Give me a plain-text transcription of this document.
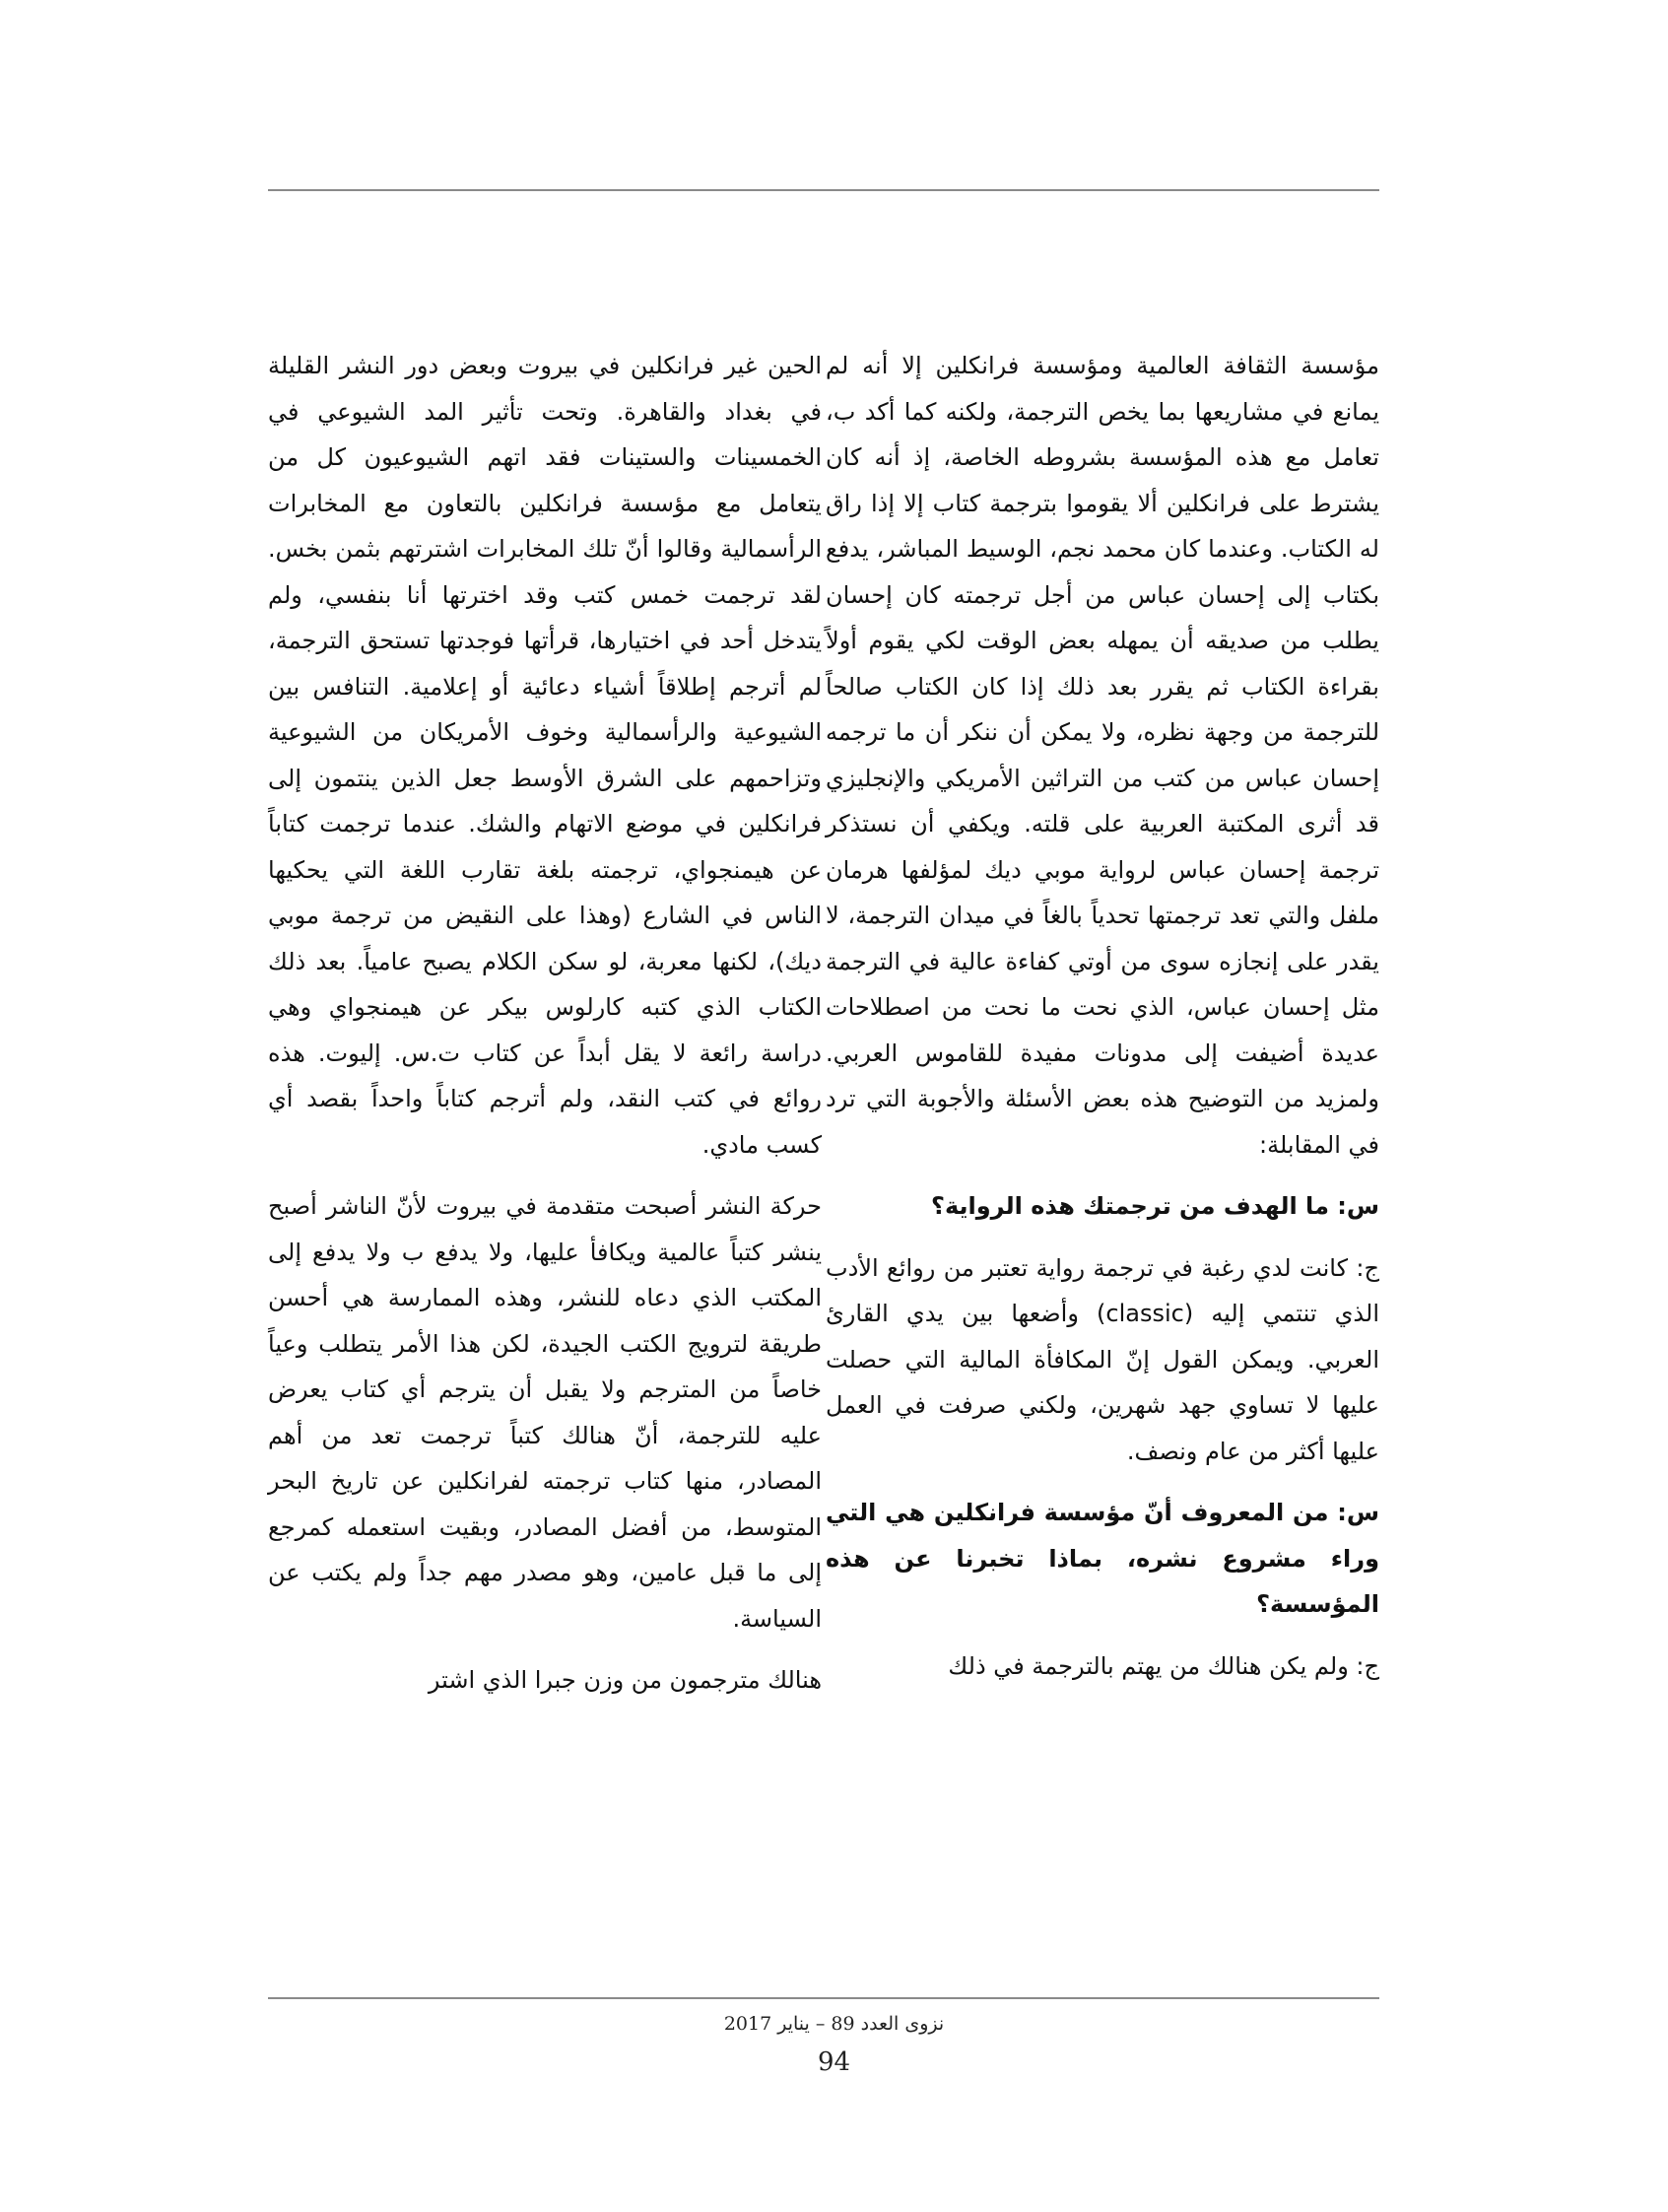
مؤسسة الثقافة العالمية ومؤسسة فرانكلين إلا أنه لم يمانع في مشاريعها بما يخص الترجمة، ولكنه كما أكد ب، تعامل مع هذه المؤسسة بشروطه الخاصة، إذ أنه كان يشترط على فرانكلين ألا يقوموا بترجمة كتاب إلا إذا راق له الكتاب. وعندما كان محمد نجم، الوسيط المباشر، يدفع بكتاب إلى إحسان عباس من أجل ترجمته كان إحسان يطلب من صديقه أن يمهله بعض الوقت لكي يقوم أولاً بقراءة الكتاب ثم يقرر بعد ذلك إذا كان الكتاب صالحاً للترجمة من وجهة نظره، ولا يمكن أن ننكر أن ما ترجمه إحسان عباس من كتب من التراثين الأمريكي والإنجليزي قد أثرى المكتبة العربية على قلته. ويكفي أن نستذكر ترجمة إحسان عباس لرواية موبي ديك لمؤلفها هرمان ملفل والتي تعد ترجمتها تحدياً بالغاً في ميدان الترجمة، لا يقدر على إنجازه سوى من أوتي كفاءة عالية في الترجمة مثل إحسان عباس، الذي نحت ما نحت من اصطلاحات عديدة أضيفت إلى مدونات مفيدة للقاموس العربي. ولمزيد من التوضيح هذه بعض الأسئلة والأجوبة التي ترد في المقابلة:

س: ما الهدف من ترجمتك هذه الرواية؟

ج: كانت لدي رغبة في ترجمة رواية تعتبر من روائع الأدب الذي تنتمي إليه (classic) وأضعها بين يدي القارئ العربي. ويمكن القول إنّ المكافأة المالية التي حصلت عليها لا تساوي جهد شهرين، ولكني صرفت في العمل عليها أكثر من عام ونصف.

س: من المعروف أنّ مؤسسة فرانكلين هي التي وراء مشروع نشره، بماذا تخبرنا عن هذه المؤسسة؟

ج: ولم يكن هنالك من يهتم بالترجمة في ذلك

الحين غير فرانكلين في بيروت وبعض دور النشر القليلة في بغداد والقاهرة. وتحت تأثير المد الشيوعي في الخمسينات والستينات فقد اتهم الشيوعيون كل من يتعامل مع مؤسسة فرانكلين بالتعاون مع المخابرات الرأسمالية وقالوا أنّ تلك المخابرات اشترتهم بثمن بخس. لقد ترجمت خمس كتب وقد اخترتها أنا بنفسي، ولم يتدخل أحد في اختيارها، قرأتها فوجدتها تستحق الترجمة، لم أترجم إطلاقاً أشياء دعائية أو إعلامية. التنافس بين الشيوعية والرأسمالية وخوف الأمريكان من الشيوعية وتزاحمهم على الشرق الأوسط جعل الذين ينتمون إلى فرانكلين في موضع الاتهام والشك. عندما ترجمت كتاباً عن هيمنجواي، ترجمته بلغة تقارب اللغة التي يحكيها الناس في الشارع (وهذا على النقيض من ترجمة موبي ديك)، لكنها معربة، لو سكن الكلام يصبح عامياً. بعد ذلك الكتاب الذي كتبه كارلوس بيكر عن هيمنجواي وهي دراسة رائعة لا يقل أبداً عن كتاب ت.س. إليوت. هذه روائع في كتب النقد، ولم أترجم كتاباً واحداً بقصد أي كسب مادي.

حركة النشر أصبحت متقدمة في بيروت لأنّ الناشر أصبح ينشر كتباً عالمية ويكافأ عليها، ولا يدفع ب ولا يدفع إلى المكتب الذي دعاه للنشر، وهذه الممارسة هي أحسن طريقة لترويج الكتب الجيدة، لكن هذا الأمر يتطلب وعياً خاصاً من المترجم ولا يقبل أن يترجم أي كتاب يعرض عليه للترجمة، أنّ هنالك كتباً ترجمت تعد من أهم المصادر، منها كتاب ترجمته لفرانكلين عن تاريخ البحر المتوسط، من أفضل المصادر، وبقيت استعمله كمرجع إلى ما قبل عامين، وهو مصدر مهم جداً ولم يكتب عن السياسة.

هنالك مترجمون من وزن جبرا الذي اشتر

نزوى العدد 89 – يناير 2017
94
